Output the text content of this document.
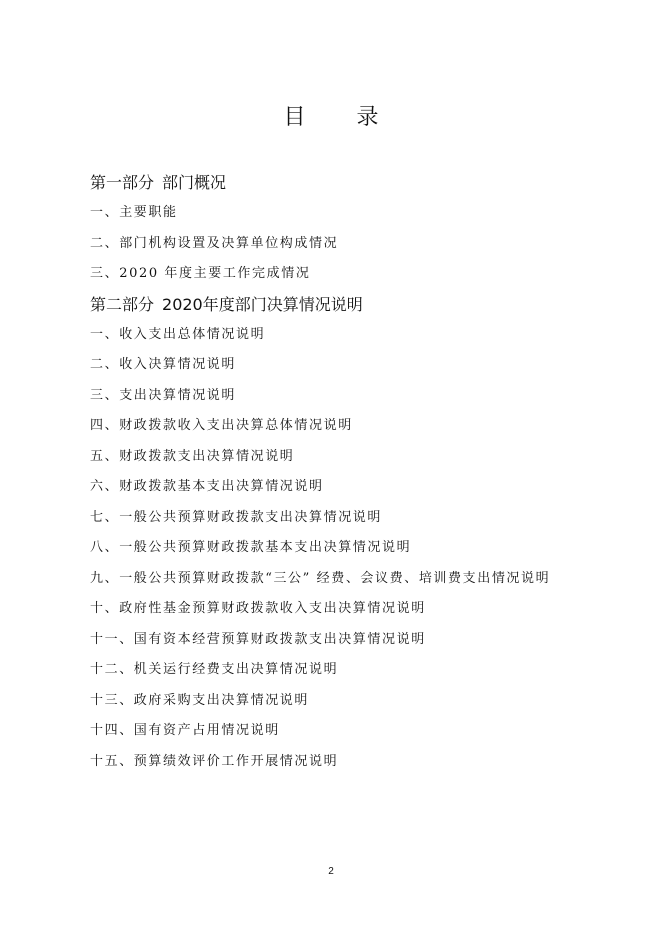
目 录
第一部分 部门概况
一、主要职能
二、部门机构设置及决算单位构成情况
三、2020 年度主要工作完成情况
第二部分 2020年度部门决算情况说明
一、收入支出总体情况说明
二、收入决算情况说明
三、支出决算情况说明
四、财政拨款收入支出决算总体情况说明
五、财政拨款支出决算情况说明
六、财政拨款基本支出决算情况说明
七、一般公共预算财政拨款支出决算情况说明
八、一般公共预算财政拨款基本支出决算情况说明
九、一般公共预算财政拨款“三公” 经费、会议费、培训费支出情况说明
十、政府性基金预算财政拨款收入支出决算情况说明
十一、国有资本经营预算财政拨款支出决算情况说明
十二、机关运行经费支出决算情况说明
十三、政府采购支出决算情况说明
十四、国有资产占用情况说明
十五、预算绩效评价工作开展情况说明
2
